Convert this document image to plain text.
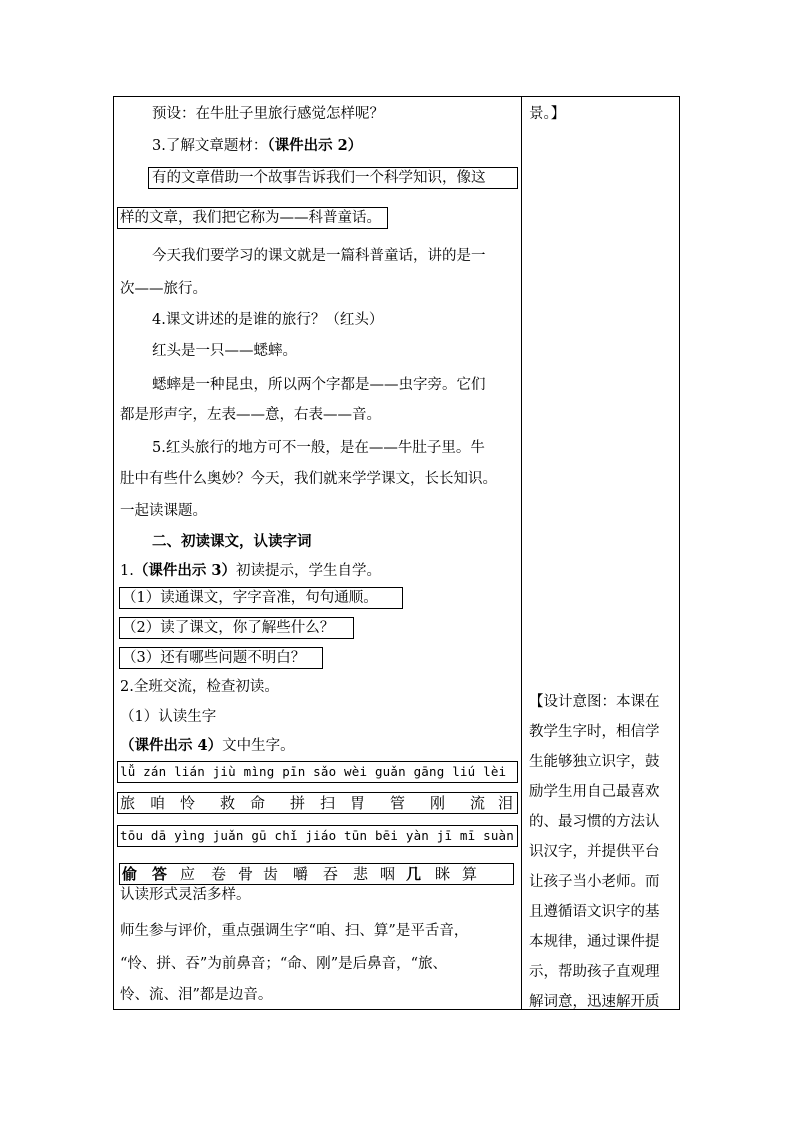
预设：在牛肚子里旅行感觉怎样呢？
3.了解文章题材：（课件出示 2）
有的文章借助一个故事告诉我们一个科学知识，像这
样的文章，我们把它称为——科普童话。
今天我们要学习的课文就是一篇科普童话，讲的是一
次——旅行。
4.课文讲述的是谁的旅行？（红头）
红头是一只——蟋蟀。
蟋蟀是一种昆虫，所以两个字都是——虫字旁。它们
都是形声字，左表——意，右表——音。
5.红头旅行的地方可不一般，是在——牛肚子里。牛
肚中有些什么奥妙？今天，我们就来学学课文，长长知识。
一起读课题。
二、初读课文，认读字词
1.（课件出示 3）初读提示，学生自学。
（1）读通课文，字字音准，句句通顺。
（2）读了课文，你了解些什么？
（3）还有哪些问题不明白？
2.全班交流，检查初读。
（1）认读生字
（课件出示 4）文中生字。
lǚ zán lián jiù mìng pīn sǎo wèi guǎn gāng liú lèi
旅 咱 怜 救 命 拼 扫 胃 管 刚 流 泪
tōu dā yìng juǎn gū chǐ jiáo tūn bēi yàn jī mī suàn
偷 答 应 卷 骨 齿 嚼 吞 悲 咽 几 眯 算
认读形式灵活多样。
师生参与评价，重点强调生字“咱、扫、算”是平舌音，
“怜、拼、吞”为前鼻音；“命、刚”是后鼻音，“旅、
怜、流、泪”都是边音。
景。】
【设计意图：本课在
教学生字时，相信学
生能够独立识字，鼓
励学生用自己最喜欢
的、最习惯的方法认
识汉字，并提供平台
让孩子当小老师。而
且遵循语文识字的基
本规律，通过课件提
示，帮助孩子直观理
解词意，迅速解开质
